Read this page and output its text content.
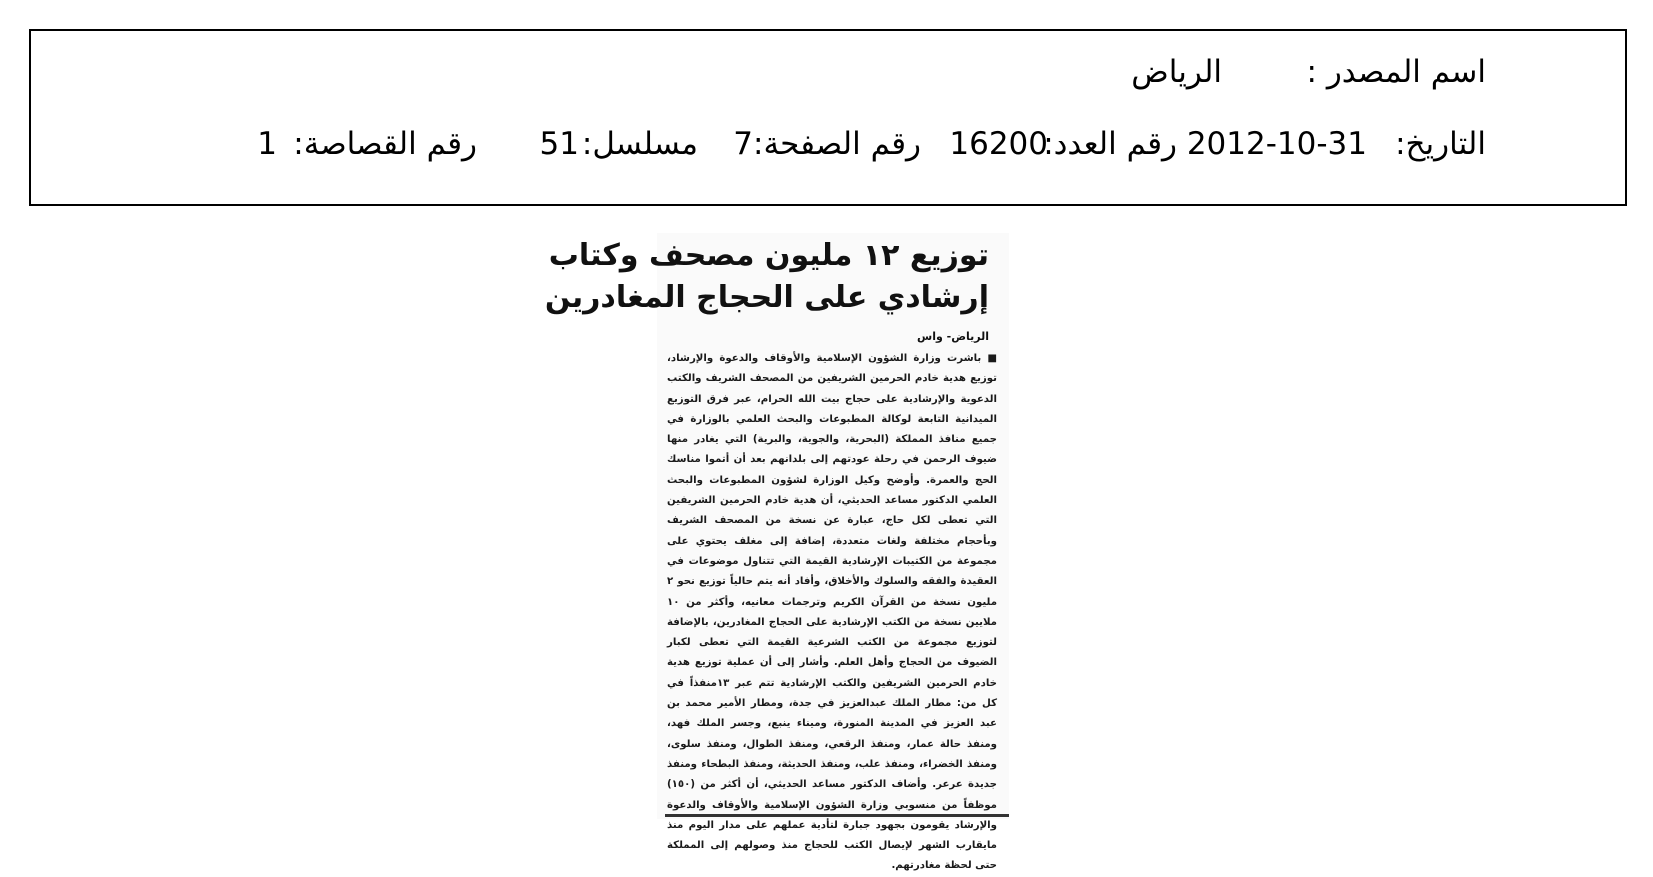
اسم المصدر :
الرياض
التاريخ:
2012-10-31
رقم العدد:
16200
رقم الصفحة:
7
مسلسل:
51
رقم القصاصة:
1
توزيع ١٢ مليون مصحف وكتاب
إرشادي على الحجاج المغادرين
الرياض- واس
■ باشرت وزارة الشؤون الإسلامية والأوقاف والدعوة والإرشاد، توزيع هدية خادم الحرمين الشريفين من المصحف الشريف والكتب الدعوية والإرشادية على حجاج بيت الله الحرام، عبر فرق التوزيع الميدانية التابعة لوكالة المطبوعات والبحث العلمي بالوزارة في جميع منافذ المملكة (البحرية، والجوية، والبرية) التي يغادر منها ضيوف الرحمن في رحلة عودتهم إلى بلدانهم بعد أن أتموا مناسك الحج والعمرة. وأوضح وكيل الوزارة لشؤون المطبوعات والبحث العلمي الدكتور مساعد الحديثي، أن هدية خادم الحرمين الشريفين التي تعطى لكل حاج، عبارة عن نسخة من المصحف الشريف وبأحجام مختلفة ولغات متعددة، إضافة إلى مغلف يحتوي على مجموعة من الكتيبات الإرشادية القيمة التي تتناول موضوعات في العقيدة والفقه والسلوك والأخلاق، وأفاد أنه يتم حالياً توزيع نحو ٢ مليون نسخة من القرآن الكريم وترجمات معانيه، وأكثر من ١٠ ملايين نسخة من الكتب الإرشادية على الحجاج المغادرين، بالإضافة لتوزيع مجموعة من الكتب الشرعية القيمة التي تعطى لكبار الضيوف من الحجاج وأهل العلم. وأشار إلى أن عملية توزيع هدية خادم الحرمين الشريفين والكتب الإرشادية تتم عبر ١٣منفذاً في كل من: مطار الملك عبدالعزيز في جدة، ومطار الأمير محمد بن عبد العزيز في المدينة المنورة، وميناء ينبع، وجسر الملك فهد، ومنفذ حالة عمار، ومنفذ الرقعي، ومنفذ الطوال، ومنفذ سلوى، ومنفذ الخضراء، ومنفذ علب، ومنفذ الحديثة، ومنفذ البطحاء ومنفذ جديدة عرعر. وأضاف الدكتور مساعد الحديثي، أن أكثر من (١٥٠) موظفاً من منسوبي وزارة الشؤون الإسلامية والأوقاف والدعوة والإرشاد يقومون بجهود جبارة لتأدية عملهم على مدار اليوم منذ مايقارب الشهر لإيصال الكتب للحجاج منذ وصولهم إلى المملكة حتى لحظة مغادرتهم.
